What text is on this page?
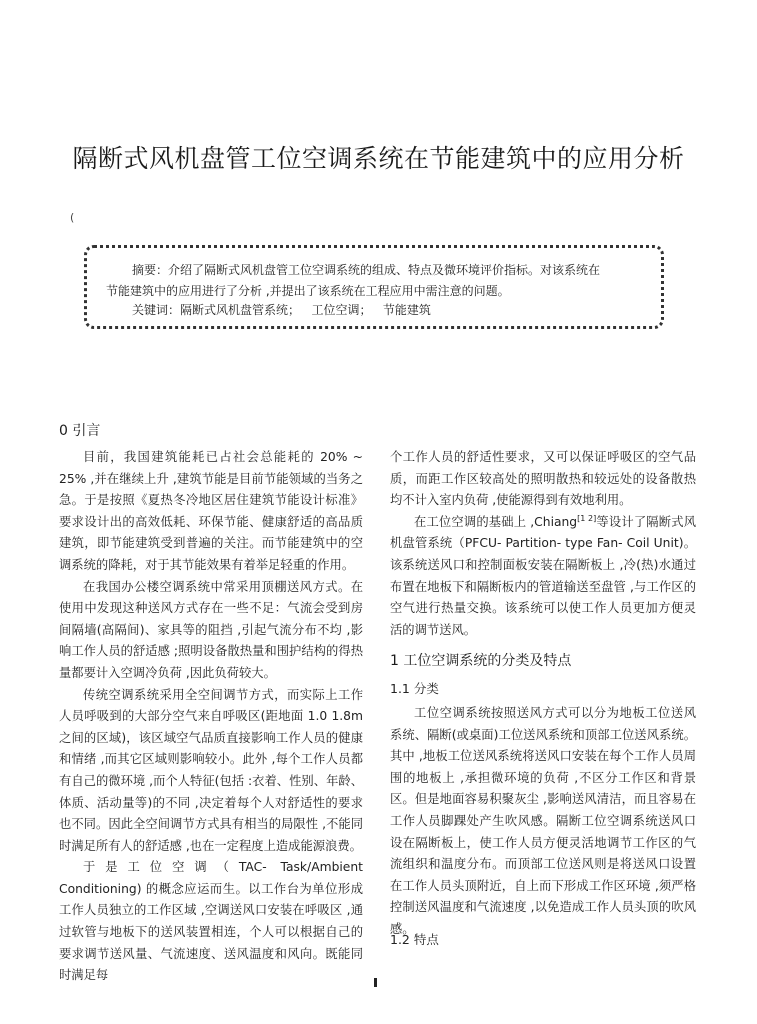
隔断式风机盘管工位空调系统在节能建筑中的应用分析
(
摘要：介绍了隔断式风机盘管工位空调系统的组成、特点及微环境评价指标。对该系统在
节能建筑中的应用进行了分析 ,并提出了该系统在工程应用中需注意的问题。
关键词：隔断式风机盘管系统；   工位空调；   节能建筑
0 引言

目前，我国建筑能耗已占社会总能耗的 20% ~ 25% ,并在继续上升 ,建筑节能是目前节能领域的当务之急。于是按照《夏热冬冷地区居住建筑节能设计标准》要求设计出的高效低耗、环保节能、健康舒适的高品质建筑，即节能建筑受到普遍的关注。而节能建筑中的空调系统的降耗，对于其节能效果有着举足轻重的作用。

在我国办公楼空调系统中常采用顶棚送风方式。在使用中发现这种送风方式存在一些不足：气流会受到房间隔墙(高隔间)、家具等的阻挡 ,引起气流分布不均 ,影响工作人员的舒适感 ;照明设备散热量和围护结构的得热量都要计入空调冷负荷 ,因此负荷较大。

传统空调系统采用全空间调节方式，而实际上工作人员呼吸到的大部分空气来自呼吸区(距地面 1.0 1.8m之间的区域)，该区域空气品质直接影响工作人员的健康和情绪 ,而其它区域则影响较小。此外 ,每个工作人员都有自己的微环境 ,而个人特征(包括 :衣着、性别、年龄、体质、活动量等)的不同 ,决定着每个人对舒适性的要求也不同。因此全空间调节方式具有相当的局限性 ,不能同时满足所有人的舒适感 ,也在一定程度上造成能源浪费。

于是工位空调（TAC- Task/Ambient Conditioning) 的概念应运而生。以工作台为单位形成工作人员独立的工作区域 ,空调送风口安装在呼吸区 ,通过软管与地板下的送风装置相连，个人可以根据自己的要求调节送风量、气流速度、送风温度和风向。既能同时满足每

个工作人员的舒适性要求，又可以保证呼吸区的空气品质，而距工作区较高处的照明散热和较远处的设备散热均不计入室内负荷 ,使能源得到有效地利用。

在工位空调的基础上 ,Chiang[1 2]等设计了隔断式风机盘管系统（PFCU- Partition- type Fan- Coil Unit)。该系统送风口和控制面板安装在隔断板上 ,冷(热)水通过布置在地板下和隔断板内的管道输送至盘管 ,与工作区的空气进行热量交换。该系统可以使工作人员更加方便灵活的调节送风。

1 工位空调系统的分类及特点
1.1 分类

工位空调系统按照送风方式可以分为地板工位送风系统、隔断(或桌面)工位送风系统和顶部工位送风系统。其中 ,地板工位送风系统将送风口安装在每个工作人员周围的地板上 ,承担微环境的负荷 ,不区分工作区和背景区。但是地面容易积聚灰尘 ,影响送风清洁，而且容易在工作人员脚踝处产生吹风感。隔断工位空调系统送风口设在隔断板上，使工作人员方便灵活地调节工作区的气流组织和温度分布。而顶部工位送风则是将送风口设置在工作人员头顶附近，自上而下形成工作区环境 ,须严格控制送风温度和气流速度 ,以免造成工作人员头顶的吹风感。

1.2 特点
